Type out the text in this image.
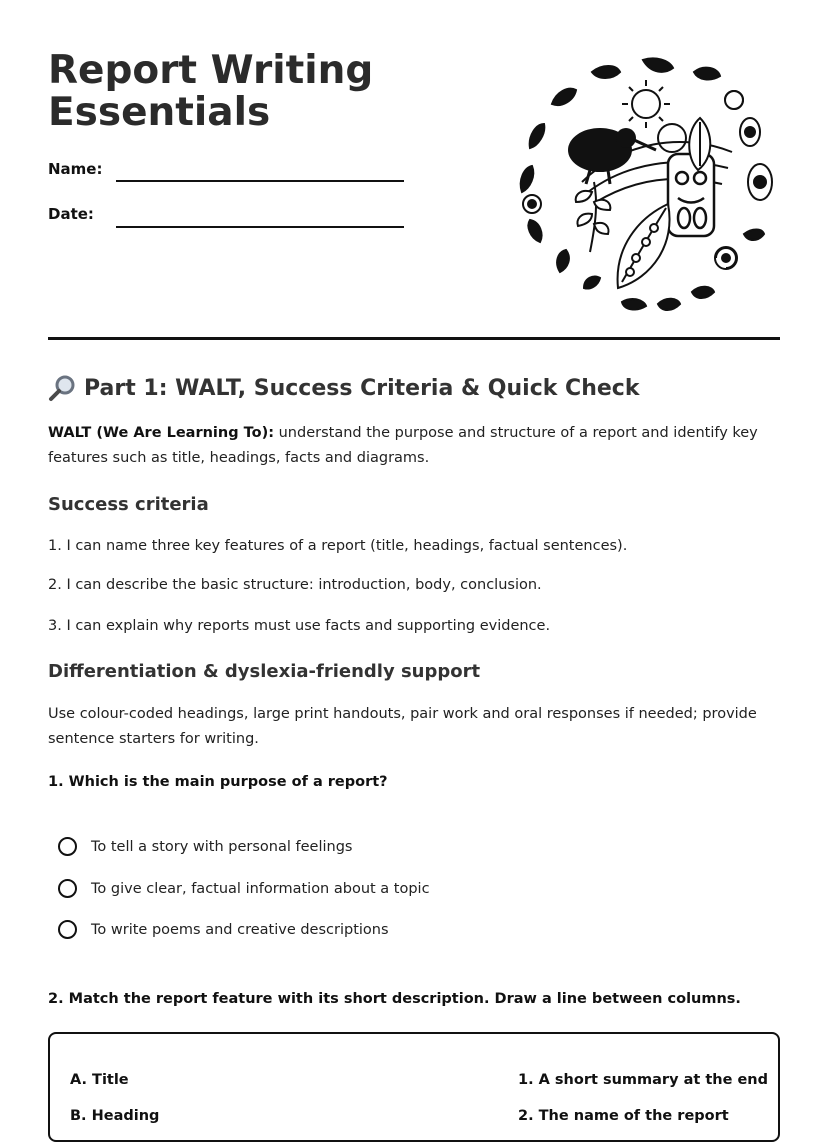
Report Writing
Essentials
Name:
Date:
Part 1: WALT, Success Criteria & Quick Check

WALT (We Are Learning To): understand the purpose and structure of a report and identify key features such as title, headings, facts and diagrams.

Success criteria
1. I can name three key features of a report (title, headings, factual sentences).
2. I can describe the basic structure: introduction, body, conclusion.
3. I can explain why reports must use facts and supporting evidence.
Differentiation & dyslexia-friendly support

Use colour-coded headings, large print handouts, pair work and oral responses if needed; provide sentence starters for writing.

1. Which is the main purpose of a report?
To tell a story with personal feelings
To give clear, factual information about a topic
To write poems and creative descriptions
2. Match the report feature with its short description. Draw a line between columns.
A. Title	1. A short summary at the end
B. Heading	2. The name of the report
